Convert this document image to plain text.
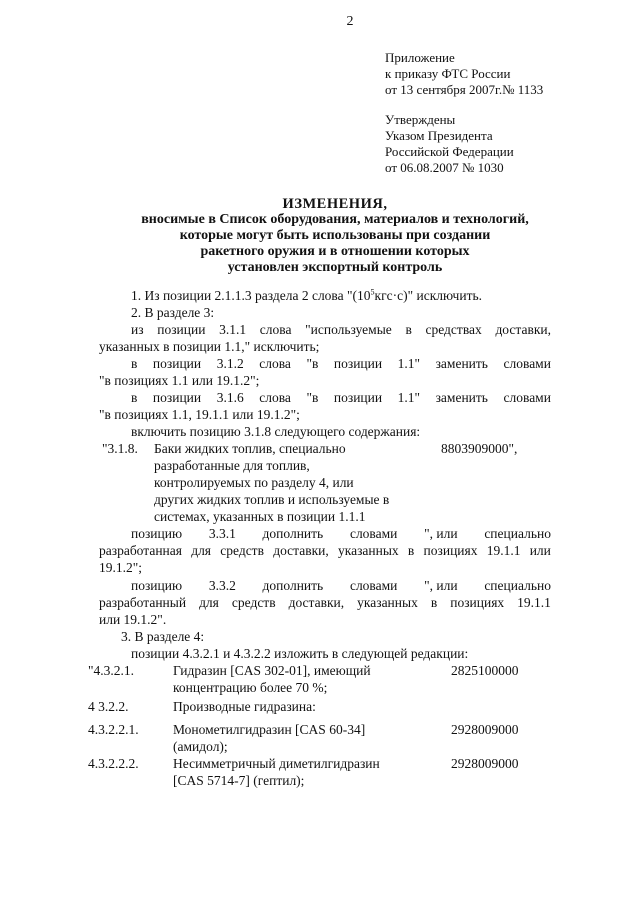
2
Приложение
к приказу ФТС России
от 13 сентября 2007г.№ 1133
Утверждены
Указом Президента
Российской Федерации
от 06.08.2007 № 1030
ИЗМЕНЕНИЯ,
вносимые в Список оборудования, материалов и технологий,
которые могут быть использованы при создании
ракетного оружия и в отношении которых
установлен экспортный контроль
1. Из позиции 2.1.1.3 раздела 2 слова "$(10^5кгс\cdot с)$" исключить.
2. В разделе 3:
из позиции 3.1.1 слова "используемые в средствах доставки,
указанных в позиции 1.1," исключить;
в позиции 3.1.2 слова "в позиции 1.1" заменить словами
"в позициях 1.1 или 19.1.2";
в позиции 3.1.6 слова "в позиции 1.1" заменить словами
"в позициях 1.1, 19.1.1 или 19.1.2";
включить позицию 3.1.8 следующего содержания:
"3.1.8. Баки жидких топлив, специально	8803909000",
разработанные для топлив,
контролируемых по разделу 4, или
других жидких топлив и используемые в
системах, указанных в позиции 1.1.1
позицию 3.3.1 дополнить словами ", или специально
разработанная для средств доставки, указанных в позициях 19.1.1 или
19.1.2";
позицию 3.3.2 дополнить словами ", или специально
разработанный для средств доставки, указанных в позициях 19.1.1
или 19.1.2".
3. В разделе 4:
позиции 4.3.2.1 и 4.3.2.2 изложить в следующей редакции:
"4.3.2.1.	Гидразин [CAS 302-01], имеющий	2825100000
концентрацию более 70 %;
4 3.2.2.	Производные гидразина:
4.3.2.2.1.	Монометилгидразин [CAS 60-34]	2928009000
(амидол);
4.3.2.2.2.	Несимметричный диметилгидразин	2928009000
[CAS 5714-7] (гептил);
